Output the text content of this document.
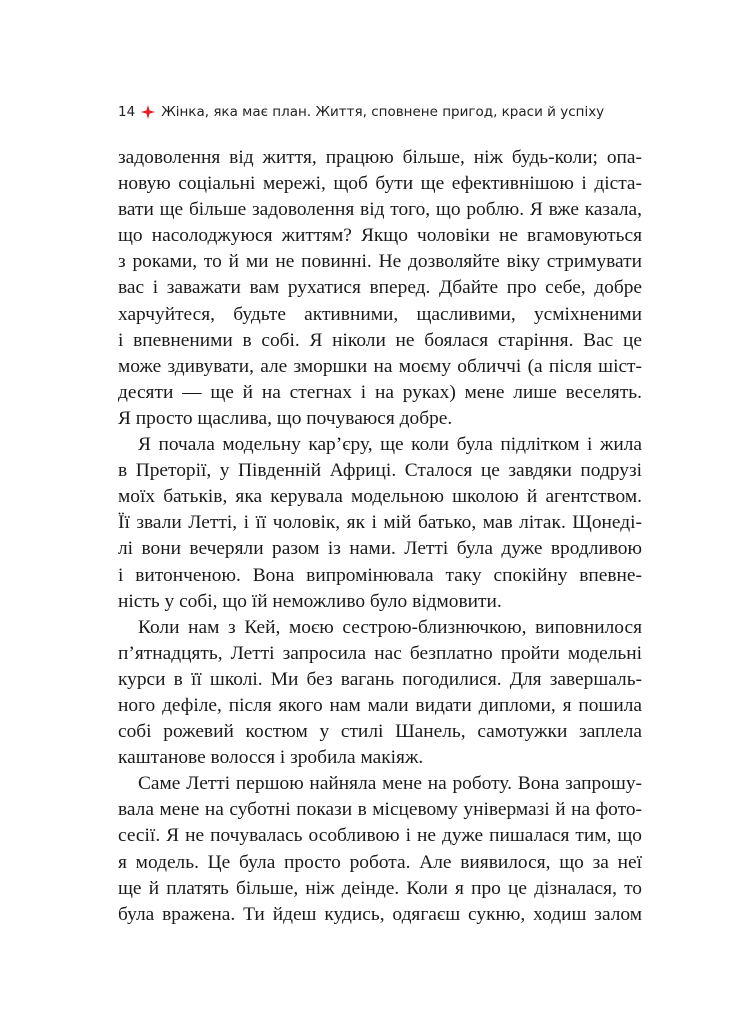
14 Жінка, яка має план. Життя, сповнене пригод, краси й успіху
задоволення від життя, працюю більше, ніж будь-коли; опа-
новую соціальні мережі, щоб бути ще ефективнішою і діста-
вати ще більше задоволення від того, що роблю. Я вже казала,
що насолоджуюся життям? Якщо чоловіки не вгамовуються
з роками, то й ми не повинні. Не дозволяйте віку стримувати
вас і заважати вам рухатися вперед. Дбайте про себе, добре
харчуйтеся, будьте активними, щасливими, усміхненими
і впевненими в собі. Я ніколи не боялася старіння. Вас це
може здивувати, але зморшки на моєму обличчі (а після шіст-
десяти — ще й на стегнах і на руках) мене лише веселять.
Я просто щаслива, що почуваюся добре.
Я почала модельну кар’єру, ще коли була підлітком і жила
в Преторії, у Південній Африці. Сталося це завдяки подрузі
моїх батьків, яка керувала модельною школою й агентством.
Її звали Летті, і її чоловік, як і мій батько, мав літак. Щонеді-
лі вони вечеряли разом із нами. Летті була дуже вродливою
і витонченою. Вона випромінювала таку спокійну впевне-
ність у собі, що їй неможливо було відмовити.
Коли нам з Кей, моєю сестрою-близнючкою, виповнилося
п’ятнадцять, Летті запросила нас безплатно пройти модельні
курси в її школі. Ми без вагань погодилися. Для завершаль-
ного дефіле, після якого нам мали видати дипломи, я пошила
собі рожевий костюм у стилі Шанель, самотужки заплела
каштанове волосся і зробила макіяж.
Саме Летті першою найняла мене на роботу. Вона запрошу-
вала мене на суботні покази в місцевому універмазі й на фото-
сесії. Я не почувалась особливою і не дуже пишалася тим, що
я модель. Це була просто робота. Але виявилося, що за неї
ще й платять більше, ніж деінде. Коли я про це дізналася, то
була вражена. Ти йдеш кудись, одягаєш сукню, ходиш залом
